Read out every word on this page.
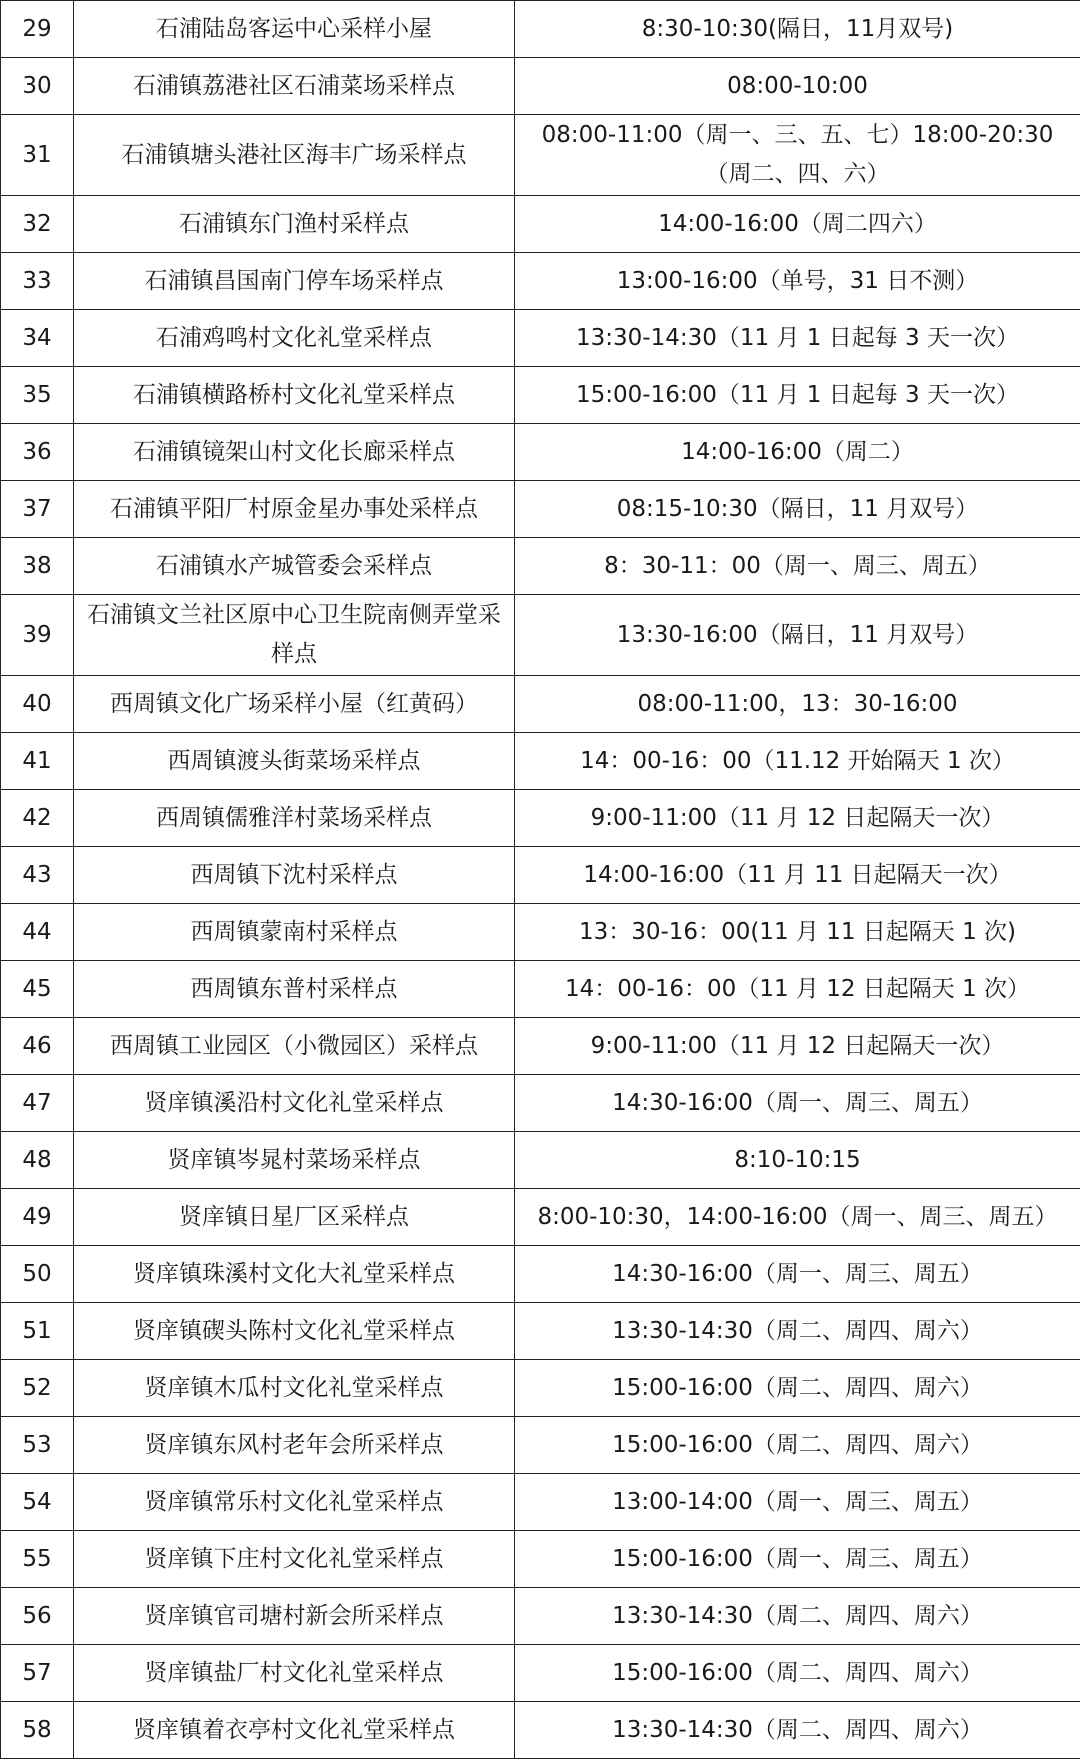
29	石浦陆岛客运中心采样小屋	8:30-10:30(隔日，11月双号)
30	石浦镇荔港社区石浦菜场采样点	08:00-10:00
31	石浦镇塘头港社区海丰广场采样点	08:00-11:00（周一、三、五、七）18:00-20:30（周二、四、六）
32	石浦镇东门渔村采样点	14:00-16:00（周二四六）
33	石浦镇昌国南门停车场采样点	13:00-16:00（单号，31 日不测）
34	石浦鸡鸣村文化礼堂采样点	13:30-14:30（11 月 1 日起每 3 天一次）
35	石浦镇横路桥村文化礼堂采样点	15:00-16:00（11 月 1 日起每 3 天一次）
36	石浦镇镜架山村文化长廊采样点	14:00-16:00（周二）
37	石浦镇平阳厂村原金星办事处采样点	08:15-10:30（隔日，11 月双号）
38	石浦镇水产城管委会采样点	8：30-11：00（周一、周三、周五）
39	石浦镇文兰社区原中心卫生院南侧弄堂采样点	13:30-16:00（隔日，11 月双号）
40	西周镇文化广场采样小屋（红黄码）	08:00-11:00，13：30-16:00
41	西周镇渡头街菜场采样点	14：00-16：00（11.12 开始隔天 1 次）
42	西周镇儒雅洋村菜场采样点	9:00-11:00（11 月 12 日起隔天一次）
43	西周镇下沈村采样点	14:00-16:00（11 月 11 日起隔天一次）
44	西周镇蒙南村采样点	13：30-16：00(11 月 11 日起隔天 1 次)
45	西周镇东普村采样点	14：00-16：00（11 月 12 日起隔天 1 次）
46	西周镇工业园区（小微园区）采样点	9:00-11:00（11 月 12 日起隔天一次）
47	贤庠镇溪沿村文化礼堂采样点	14:30-16:00（周一、周三、周五）
48	贤庠镇岑晁村菜场采样点	8:10-10:15
49	贤庠镇日星厂区采样点	8:00-10:30，14:00-16:00（周一、周三、周五）
50	贤庠镇珠溪村文化大礼堂采样点	14:30-16:00（周一、周三、周五）
51	贤庠镇碶头陈村文化礼堂采样点	13:30-14:30（周二、周四、周六）
52	贤庠镇木瓜村文化礼堂采样点	15:00-16:00（周二、周四、周六）
53	贤庠镇东风村老年会所采样点	15:00-16:00（周二、周四、周六）
54	贤庠镇常乐村文化礼堂采样点	13:00-14:00（周一、周三、周五）
55	贤庠镇下庄村文化礼堂采样点	15:00-16:00（周一、周三、周五）
56	贤庠镇官司塘村新会所采样点	13:30-14:30（周二、周四、周六）
57	贤庠镇盐厂村文化礼堂采样点	15:00-16:00（周二、周四、周六）
58	贤庠镇着衣亭村文化礼堂采样点	13:30-14:30（周二、周四、周六）
